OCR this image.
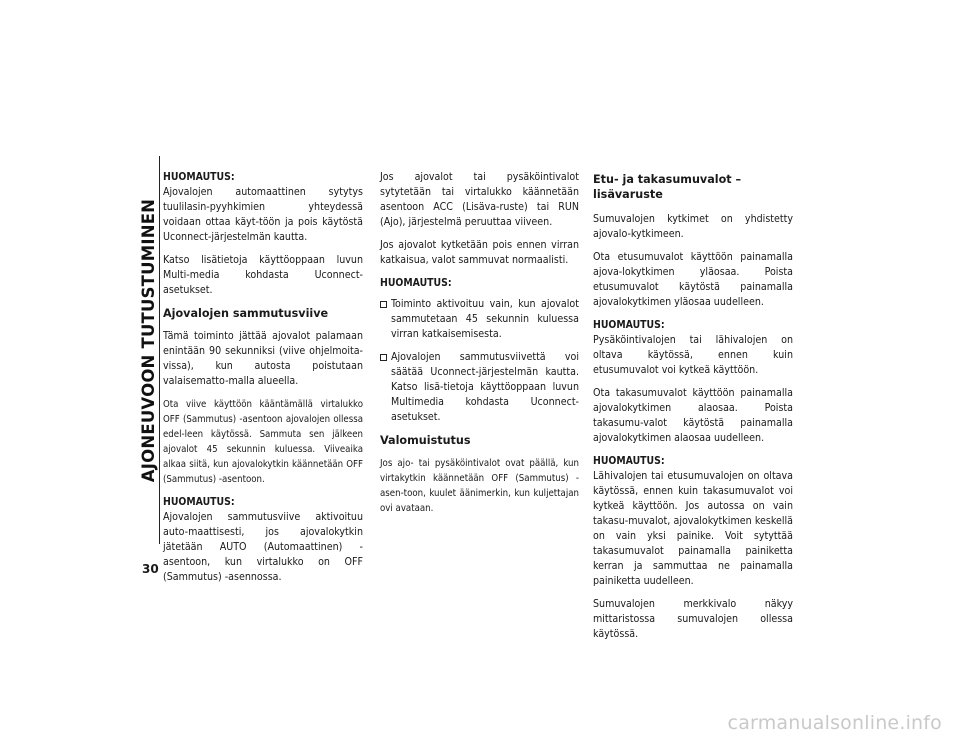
AJONEUVOON TUTUSTUMINEN
30
HUOMAUTUS:

Ajovalojen automaattinen sytytys tuulilasin-pyyhkimien yhteydessä voidaan ottaa käyt-töön ja pois käytöstä Uconnect-järjestelmän kautta.

Katso lisätietoja käyttöoppaan luvun Multi-media kohdasta Uconnect-asetukset.

Ajovalojen sammutusviive

Tämä toiminto jättää ajovalot palamaan enintään 90 sekunniksi (viive ohjelmoita-vissa), kun autosta poistutaan valaisematto-malla alueella.

Ota viive käyttöön kääntämällä virtalukko OFF (Sammutus) -asentoon ajovalojen ollessa edel-leen käytössä. Sammuta sen jälkeen ajovalot 45 sekunnin kuluessa. Viiveaika alkaa siitä, kun ajovalokytkin käännetään OFF (Sammutus) -asentoon.

HUOMAUTUS:

Ajovalojen sammutusviive aktivoituu auto-maattisesti, jos ajovalokytkin jätetään AUTO (Automaattinen) -asentoon, kun virtalukko on OFF (Sammutus) -asennossa.

Jos ajovalot tai pysäköintivalot sytytetään tai virtalukko käännetään asentoon ACC (Lisäva-ruste) tai RUN (Ajo), järjestelmä peruuttaa viiveen.

Jos ajovalot kytketään pois ennen virran katkaisua, valot sammuvat normaalisti.

HUOMAUTUS:
Toiminto aktivoituu vain, kun ajovalot sammutetaan 45 sekunnin kuluessa virran katkaisemisesta.
Ajovalojen sammutusviivettä voi säätää Uconnect-järjestelmän kautta. Katso lisä-tietoja käyttöoppaan luvun Multimedia kohdasta Uconnect-asetukset.
Valomuistutus

Jos ajo- tai pysäköintivalot ovat päällä, kun virtakytkin käännetään OFF (Sammutus) -asen-toon, kuulet äänimerkin, kun kuljettajan ovi avataan.

Etu- ja takasumuvalot – lisävaruste

Sumuvalojen kytkimet on yhdistetty ajovalo-kytkimeen.

Ota etusumuvalot käyttöön painamalla ajova-lokytkimen yläosaa. Poista etusumuvalot käytöstä painamalla ajovalokytkimen yläosaa uudelleen.

HUOMAUTUS:

Pysäköintivalojen tai lähivalojen on oltava käytössä, ennen kuin etusumuvalot voi kytkeä käyttöön.

Ota takasumuvalot käyttöön painamalla ajovalokytkimen alaosaa. Poista takasumu-valot käytöstä painamalla ajovalokytkimen alaosaa uudelleen.

HUOMAUTUS:

Lähivalojen tai etusumuvalojen on oltava käytössä, ennen kuin takasumuvalot voi kytkeä käyttöön. Jos autossa on vain takasu-muvalot, ajovalokytkimen keskellä on vain yksi painike. Voit sytyttää takasumuvalot painamalla painiketta kerran ja sammuttaa ne painamalla painiketta uudelleen.

Sumuvalojen merkkivalo näkyy mittaristossa sumuvalojen ollessa käytössä.

carmanualsonline.info
